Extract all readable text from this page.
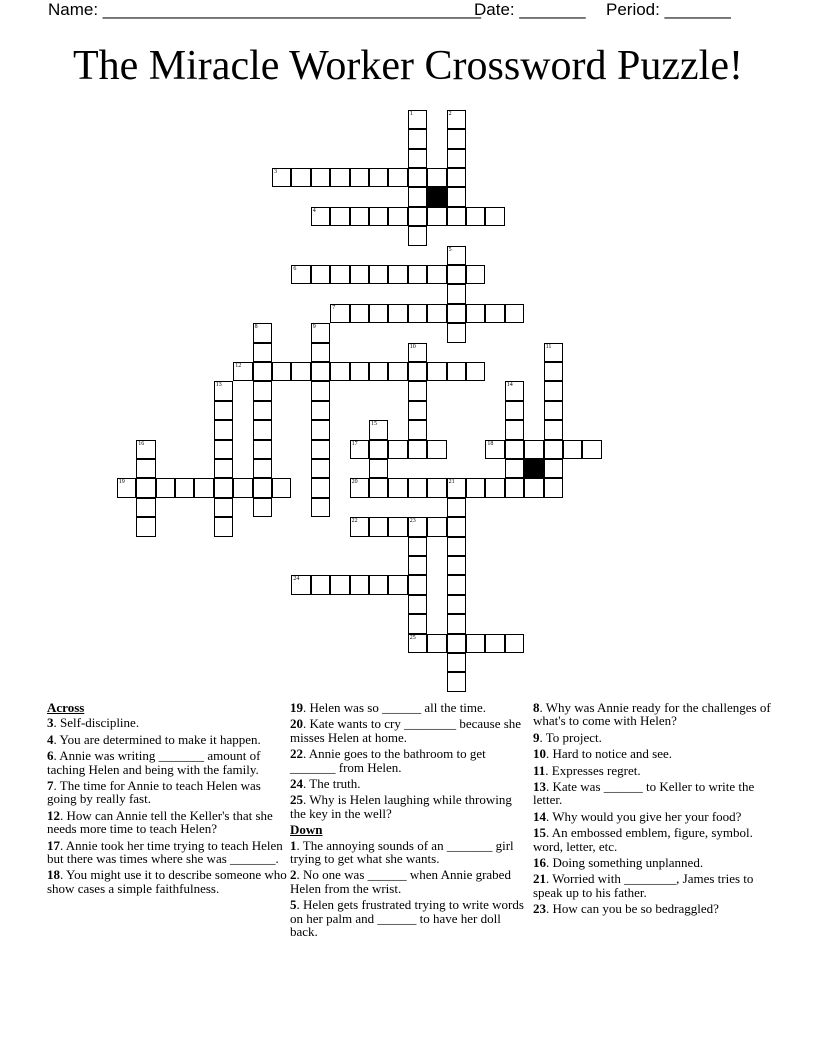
Name: ________________________________________
Date: _______ Period: _______
The Miracle Worker Crossword Puzzle!
1	2
3
4
5
6
7
8	9
10	11
12
13	14
15
16	17	18
19	20	21
22	23
25
24
Across
3. Self-discipline.
4. You are determined to make it happen.
6. Annie was writing _______ amount of taching Helen and being with the family.
7. The time for Annie to teach Helen was going by really fast.
12. How can Annie tell the Keller's that she needs more time to teach Helen?
17. Annie took her time trying to teach Helen but there was times where she was _______.
18. You might use it to describe someone who show cases a simple faithfulness.
19. Helen was so ______ all the time.
20. Kate wants to cry ________ because she misses Helen at home.
22. Annie goes to the bathroom to get _______ from Helen.
24. The truth.
25. Why is Helen laughing while throwing the key in the well?
Down
1. The annoying sounds of an _______ girl trying to get what she wants.
2. No one was ______ when Annie grabed Helen from the wrist.
5. Helen gets frustrated trying to write words on her palm and ______ to have her doll back.
8. Why was Annie ready for the challenges of what's to come with Helen?
9. To project.
10. Hard to notice and see.
11. Expresses regret.
13. Kate was ______ to Keller to write the letter.
14. Why would you give her your food?
15. An embossed emblem, figure, symbol. word, letter, etc.
16. Doing something unplanned.
21. Worried with ________, James tries to speak up to his father.
23. How can you be so bedraggled?
